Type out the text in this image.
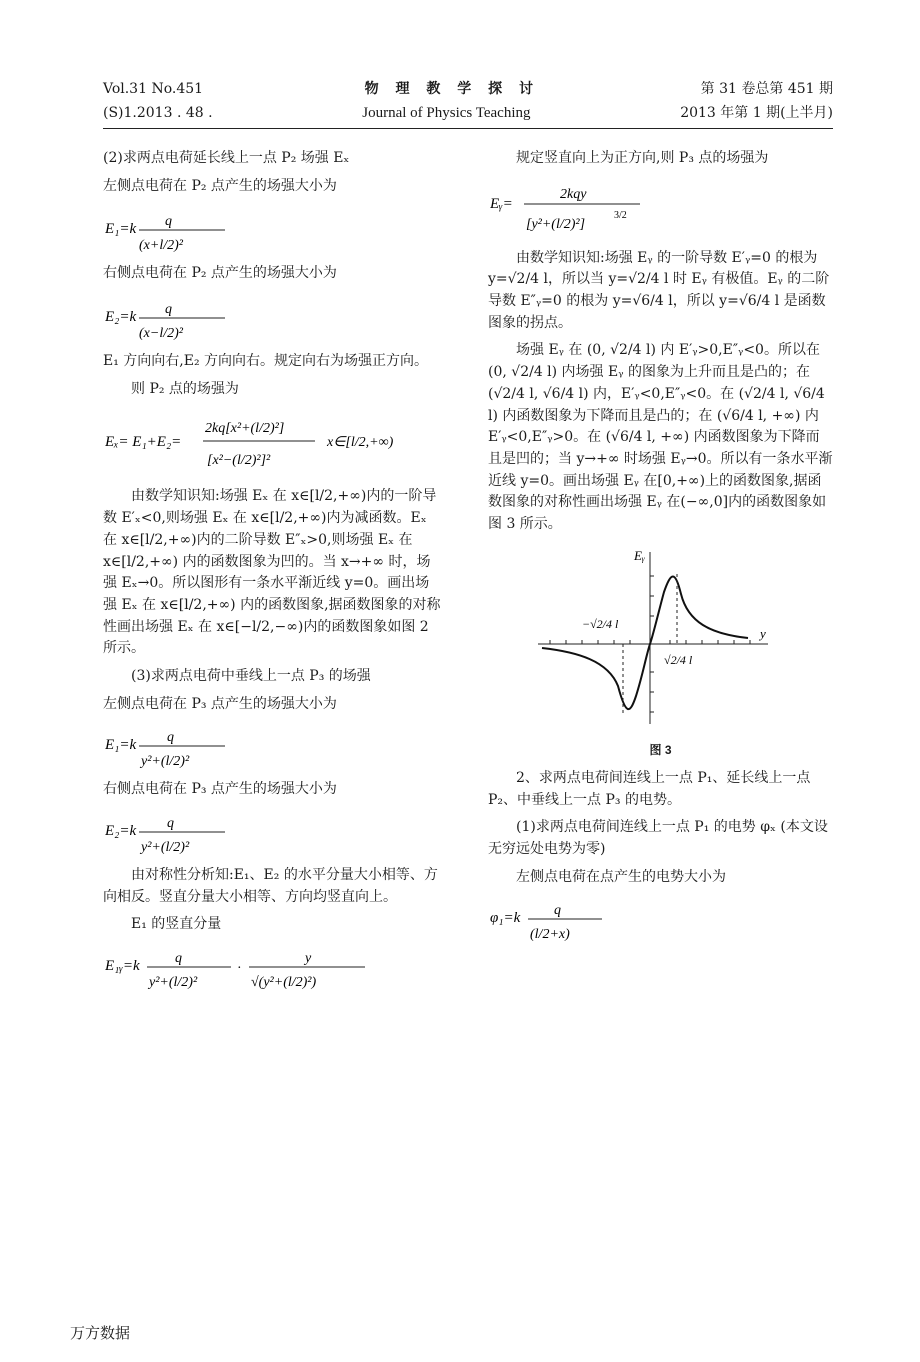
Vol.31 No.451	物 理 教 学 探 讨	第 31 卷总第 451 期
(S)1.2013 . 48 .	Journal of Physics Teaching	2013 年第 1 期(上半月)

(2)求两点电荷延长线上一点 P₂ 场强 Eₓ

左侧点电荷在 P₂ 点产生的场强大小为

E₁=k q
(x+l/2)²

右侧点电荷在 P₂ 点产生的场强大小为

E₂=k q
(x−l/2)²

E₁ 方向向右,E₂ 方向向右。规定向右为场强正方向。

则 P₂ 点的场强为

Eₓ= E₁+E₂=
2kq[x²+(l/2)²]
[x²−(l/2)²]²
x∈[l/2,+∞)

由数学知识知:场强 Eₓ 在 x∈[l/2,+∞)内的一阶导数 E′ₓ<0,则场强 Eₓ 在 x∈[l/2,+∞)内为减函数。Eₓ 在 x∈[l/2,+∞)内的二阶导数 E″ₓ>0,则场强 Eₓ 在 x∈[l/2,+∞) 内的函数图象为凹的。当 x→+∞ 时，场强 Eₓ→0。所以图形有一条水平渐近线 y=0。画出场强 Eₓ 在 x∈[l/2,+∞) 内的函数图象,据函数图象的对称性画出场强 Eₓ 在 x∈[−l/2,−∞)内的函数图象如图 2 所示。

(3)求两点电荷中垂线上一点 P₃ 的场强

左侧点电荷在 P₃ 点产生的场强大小为

E₁=k q
y²+(l/2)²

右侧点电荷在 P₃ 点产生的场强大小为

E₂=k q
y²+(l/2)²

由对称性分析知:E₁、E₂ 的水平分量大小相等、方向相反。竖直分量大小相等、方向均竖直向上。

E₁ 的竖直分量

E₁ᵧ=k	q
y²+(l/2)²
·
y
√(y²+(l/2)²)

规定竖直向上为正方向,则 P₃ 点的场强为

Eᵧ=
2kqy
[y²+(l/2)²]
3/2

由数学知识知:场强 Eᵧ 的一阶导数 E′ᵧ=0 的根为 y=√2/4 l，所以当 y=√2/4 l 时 Eᵧ 有极值。Eᵧ 的二阶导数 E″ᵧ=0 的根为 y=√6/4 l，所以 y=√6/4 l 是函数图象的拐点。

场强 Eᵧ 在 (0, √2/4 l) 内 E′ᵧ>0,E″ᵧ<0。所以在 (0, √2/4 l) 内场强 Eᵧ 的图象为上升而且是凸的；在 (√2/4 l, √6/4 l) 内，E′ᵧ<0,E″ᵧ<0。在 (√2/4 l, √6/4 l) 内函数图象为下降而且是凸的；在 (√6/4 l, +∞) 内 E′ᵧ<0,E″ᵧ>0。在 (√6/4 l, +∞) 内函数图象为下降而且是凹的；当 y→+∞ 时场强 Eᵧ→0。所以有一条水平渐近线 y=0。画出场强 Eᵧ 在[0,+∞)上的函数图象,据函数图象的对称性画出场强 Eᵧ 在(−∞,0]内的函数图象如图 3 所示。

Eᵧ
y
−√2/4 l
√2/4 l
图 3

2、求两点电荷间连线上一点 P₁、延长线上一点 P₂、中垂线上一点 P₃ 的电势。

(1)求两点电荷间连线上一点 P₁ 的电势 φₓ (本文设无穷远处电势为零)

左侧点电荷在点产生的电势大小为

φ₁=k q
(l/2+x)
万方数据
